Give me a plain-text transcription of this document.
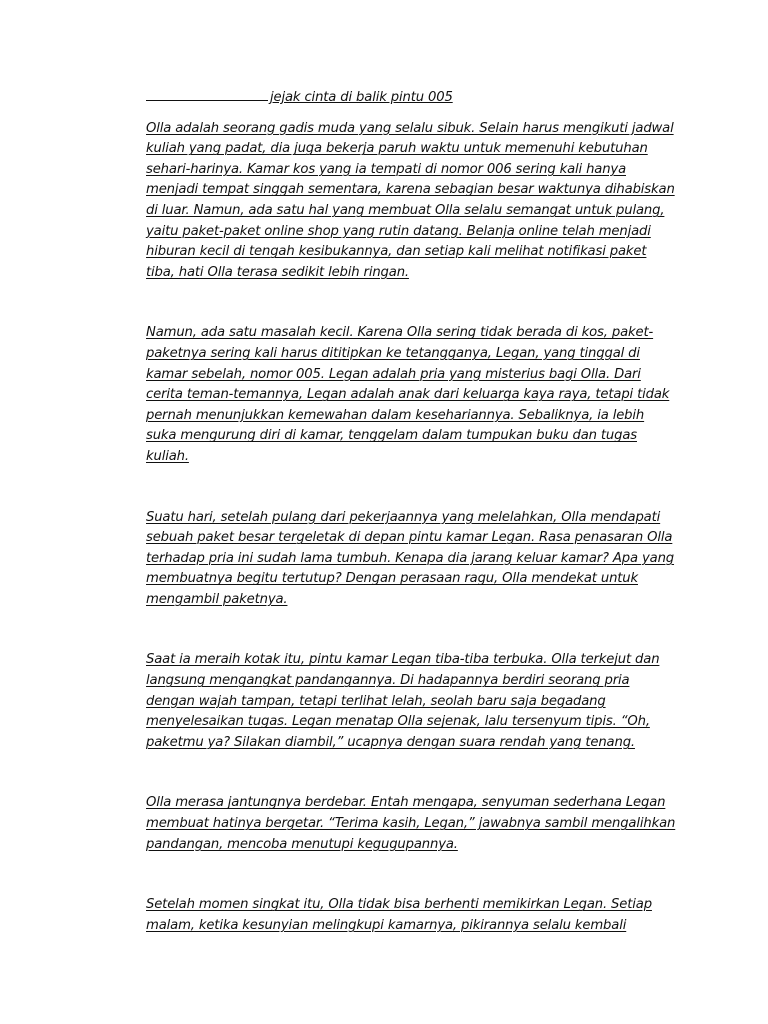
jejak cinta di balik pintu 005

Olla adalah seorang gadis muda yang selalu sibuk. Selain harus mengikuti jadwal kuliah yang padat, dia juga bekerja paruh waktu untuk memenuhi kebutuhan sehari-harinya. Kamar kos yang ia tempati di nomor 006 sering kali hanya menjadi tempat singgah sementara, karena sebagian besar waktunya dihabiskan di luar. Namun, ada satu hal yang membuat Olla selalu semangat untuk pulang, yaitu paket-paket online shop yang rutin datang. Belanja online telah menjadi hiburan kecil di tengah kesibukannya, dan setiap kali melihat notifikasi paket tiba, hati Olla terasa sedikit lebih ringan.

Namun, ada satu masalah kecil. Karena Olla sering tidak berada di kos, paket-paketnya sering kali harus dititipkan ke tetangganya, Legan, yang tinggal di kamar sebelah, nomor 005. Legan adalah pria yang misterius bagi Olla. Dari cerita teman-temannya, Legan adalah anak dari keluarga kaya raya, tetapi tidak pernah menunjukkan kemewahan dalam kesehariannya. Sebaliknya, ia lebih suka mengurung diri di kamar, tenggelam dalam tumpukan buku dan tugas kuliah.

Suatu hari, setelah pulang dari pekerjaannya yang melelahkan, Olla mendapati sebuah paket besar tergeletak di depan pintu kamar Legan. Rasa penasaran Olla terhadap pria ini sudah lama tumbuh. Kenapa dia jarang keluar kamar? Apa yang membuatnya begitu tertutup? Dengan perasaan ragu, Olla mendekat untuk mengambil paketnya.

Saat ia meraih kotak itu, pintu kamar Legan tiba-tiba terbuka. Olla terkejut dan langsung mengangkat pandangannya. Di hadapannya berdiri seorang pria dengan wajah tampan, tetapi terlihat lelah, seolah baru saja begadang menyelesaikan tugas. Legan menatap Olla sejenak, lalu tersenyum tipis. “Oh, paketmu ya? Silakan diambil,” ucapnya dengan suara rendah yang tenang.

Olla merasa jantungnya berdebar. Entah mengapa, senyuman sederhana Legan membuat hatinya bergetar. “Terima kasih, Legan,” jawabnya sambil mengalihkan pandangan, mencoba menutupi kegugupannya.

Setelah momen singkat itu, Olla tidak bisa berhenti memikirkan Legan. Setiap malam, ketika kesunyian melingkupi kamarnya, pikirannya selalu kembali
